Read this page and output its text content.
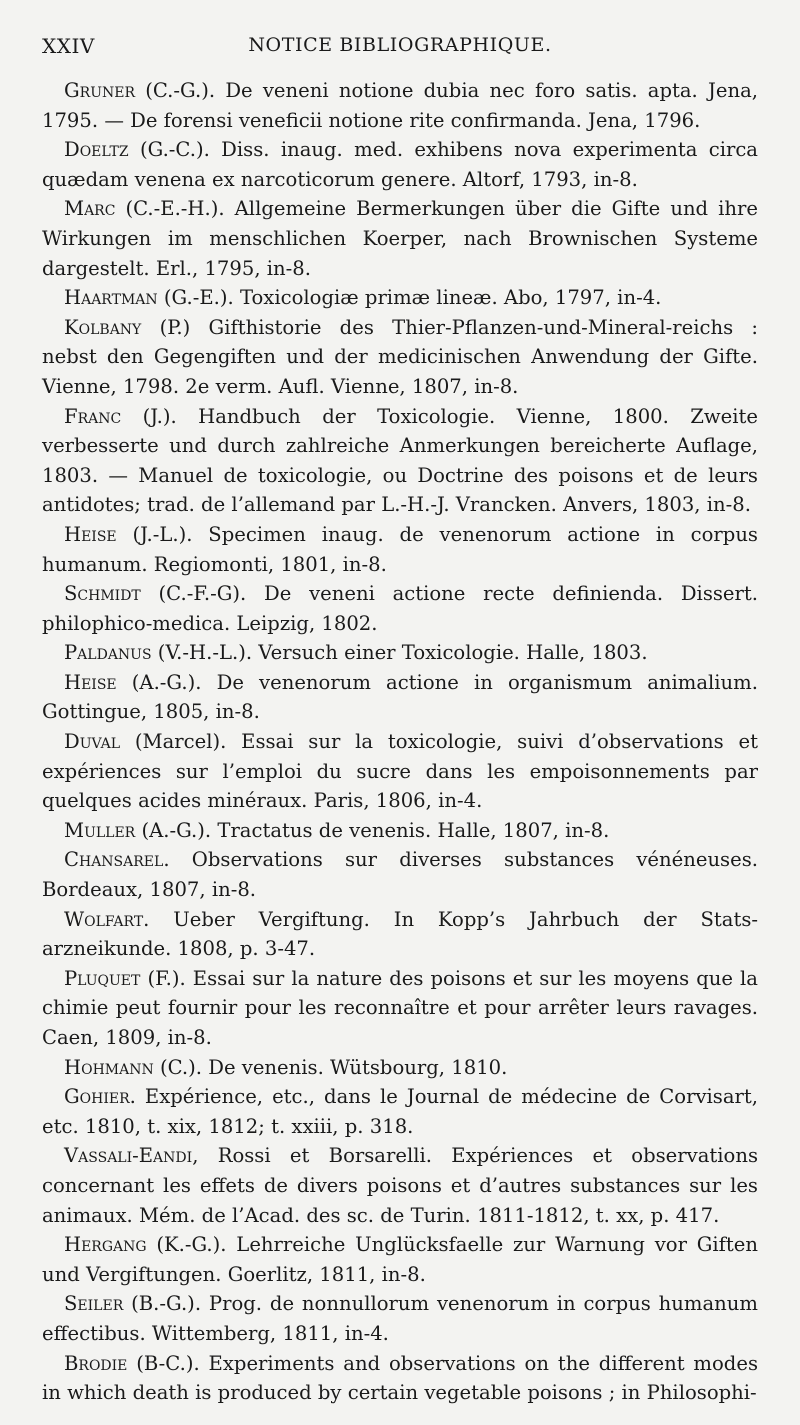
XXIV	NOTICE BIBLIOGRAPHIQUE.

Gruner (C.-G.). De veneni notione dubia nec foro satis. apta. Jena, 1795. — De forensi veneficii notione rite confirmanda. Jena, 1796.

Doeltz (G.-C.). Diss. inaug. med. exhibens nova experimenta circa quædam venena ex narcoticorum genere. Altorf, 1793, in-8.

Marc (C.-E.-H.). Allgemeine Bermerkungen über die Gifte und ihre Wirkungen im menschlichen Koerper, nach Brownischen Systeme dargestelt. Erl., 1795, in-8.

Haartman (G.-E.). Toxicologiæ primæ lineæ. Abo, 1797, in-4.

Kolbany (P.) Gifthistorie des Thier-Pflanzen-und-Mineral-reichs : nebst den Gegengiften und der medicinischen Anwendung der Gifte. Vienne, 1798. 2e verm. Aufl. Vienne, 1807, in-8.

Franc (J.). Handbuch der Toxicologie. Vienne, 1800. Zweite verbesserte und durch zahlreiche Anmerkungen bereicherte Auflage, 1803. — Manuel de toxicologie, ou Doctrine des poisons et de leurs antidotes; trad. de l’allemand par L.-H.-J. Vrancken. Anvers, 1803, in-8.

Heise (J.-L.). Specimen inaug. de venenorum actione in corpus humanum. Regiomonti, 1801, in-8.

Schmidt (C.-F.-G). De veneni actione recte definienda. Dissert. philophico-medica. Leipzig, 1802.

Paldanus (V.-H.-L.). Versuch einer Toxicologie. Halle, 1803.

Heise (A.-G.). De venenorum actione in organismum animalium. Gottingue, 1805, in-8.

Duval (Marcel). Essai sur la toxicologie, suivi d’observations et expériences sur l’emploi du sucre dans les empoisonnements par quelques acides minéraux. Paris, 1806, in-4.

Muller (A.-G.). Tractatus de venenis. Halle, 1807, in-8.

Chansarel. Observations sur diverses substances vénéneuses. Bordeaux, 1807, in-8.

Wolfart. Ueber Vergiftung. In Kopp’s Jahrbuch der Stats-arzneikunde. 1808, p. 3-47.

Pluquet (F.). Essai sur la nature des poisons et sur les moyens que la chimie peut fournir pour les reconnaître et pour arrêter leurs ravages. Caen, 1809, in-8.

Hohmann (C.). De venenis. Wütsbourg, 1810.

Gohier. Expérience, etc., dans le Journal de médecine de Corvisart, etc. 1810, t. xix, 1812; t. xxiii, p. 318.

Vassali-Eandi, Rossi et Borsarelli. Expériences et observations concernant les effets de divers poisons et d’autres substances sur les animaux. Mém. de l’Acad. des sc. de Turin. 1811-1812, t. xx, p. 417.

Hergang (K.-G.). Lehrreiche Unglücksfaelle zur Warnung vor Giften und Vergiftungen. Goerlitz, 1811, in-8.

Seiler (B.-G.). Prog. de nonnullorum venenorum in corpus humanum effectibus. Wittemberg, 1811, in-4.

Brodie (B-C.). Experiments and observations on the different modes in which death is produced by certain vegetable poisons ; in Philosophi-
